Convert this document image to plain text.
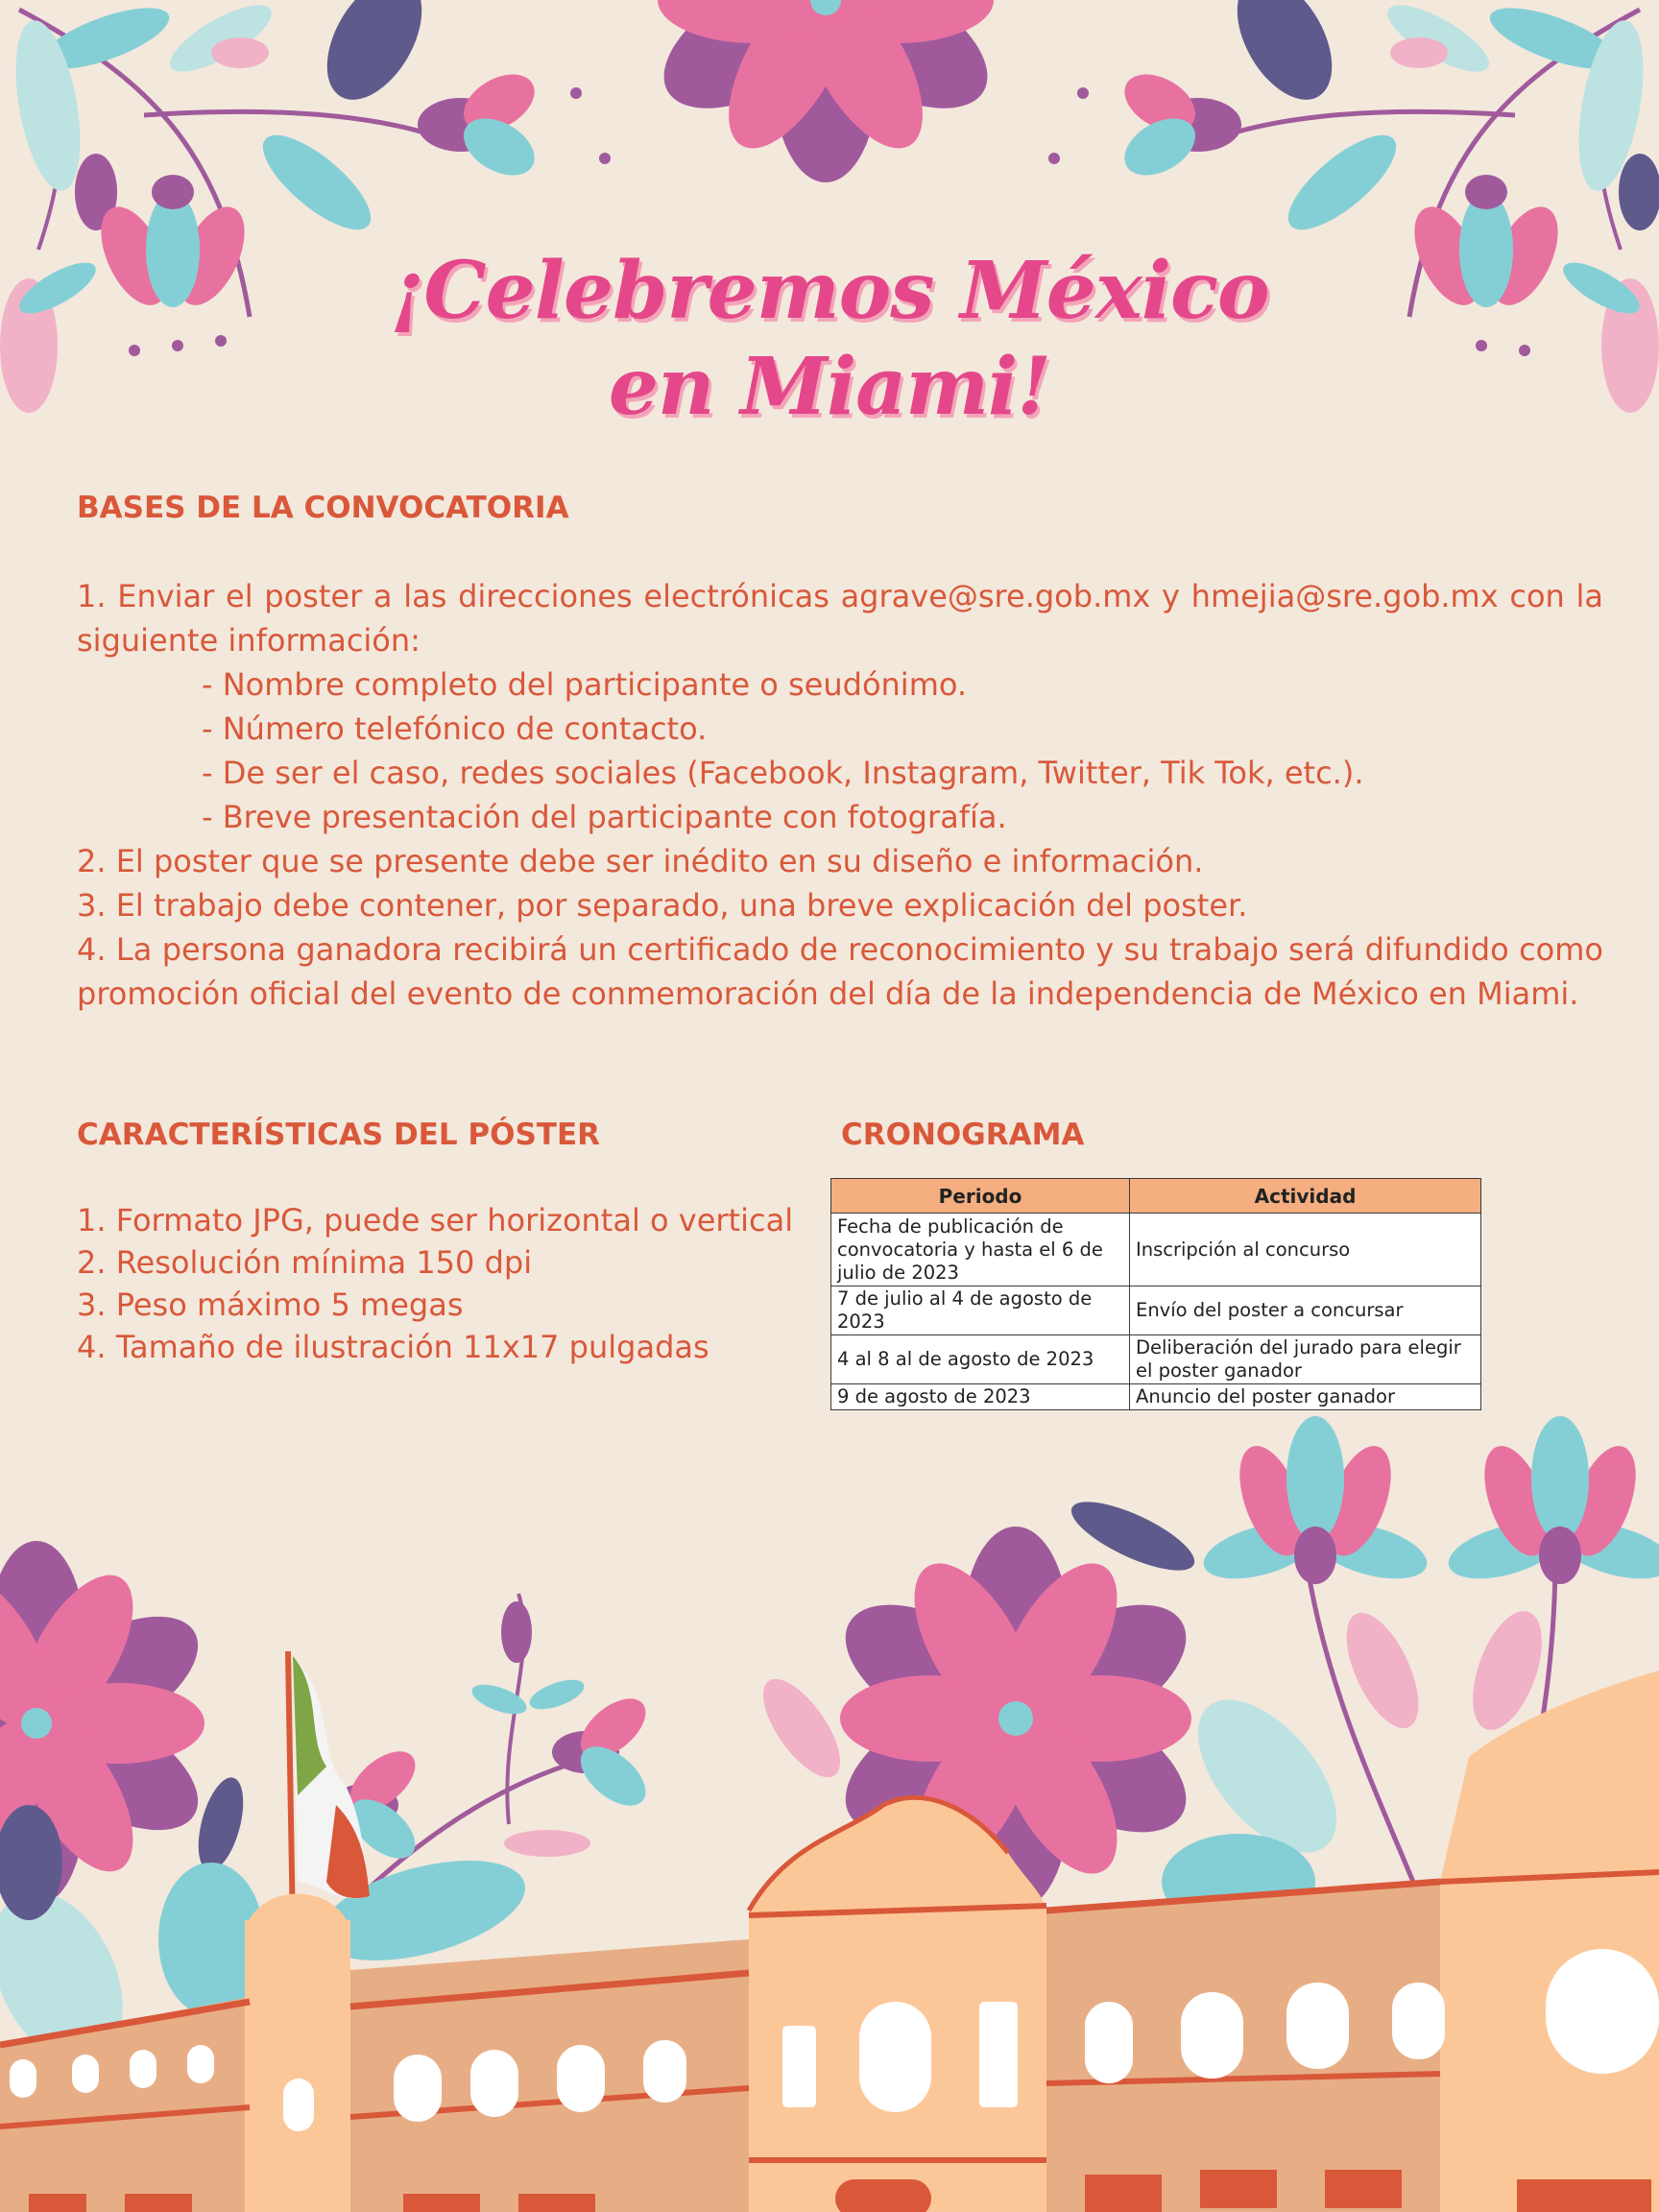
¡Celebremos México
en Miami!
BASES DE LA CONVOCATORIA
1. Enviar el poster a las direcciones electrónicas agrave@sre.gob.mx y hmejia@sre.gob.mx con la siguiente información:
- Nombre completo del participante o seudónimo.
- Número telefónico de contacto.
- De ser el caso, redes sociales (Facebook, Instagram, Twitter, Tik Tok, etc.).
- Breve presentación del participante con fotografía.
2. El poster que se presente debe ser inédito en su diseño e información.
3. El trabajo debe contener, por separado, una breve explicación del poster.
4. La persona ganadora recibirá un certificado de reconocimiento y su trabajo será difundido como promoción oficial del evento de conmemoración del día de la independencia de México en Miami.
CARACTERÍSTICAS DEL PÓSTER
1. Formato JPG, puede ser horizontal o vertical
2. Resolución mínima 150 dpi
3. Peso máximo 5 megas
4. Tamaño de ilustración 11x17 pulgadas
CRONOGRAMA
Periodo	Actividad
Fecha de publicación de convocatoria y hasta el 6 de julio de 2023	Inscripción al concurso
7 de julio al 4 de agosto de 2023	Envío del poster a concursar
4 al 8 al de agosto de 2023	Deliberación del jurado para elegir el poster ganador
9 de agosto de 2023	Anuncio del poster ganador
